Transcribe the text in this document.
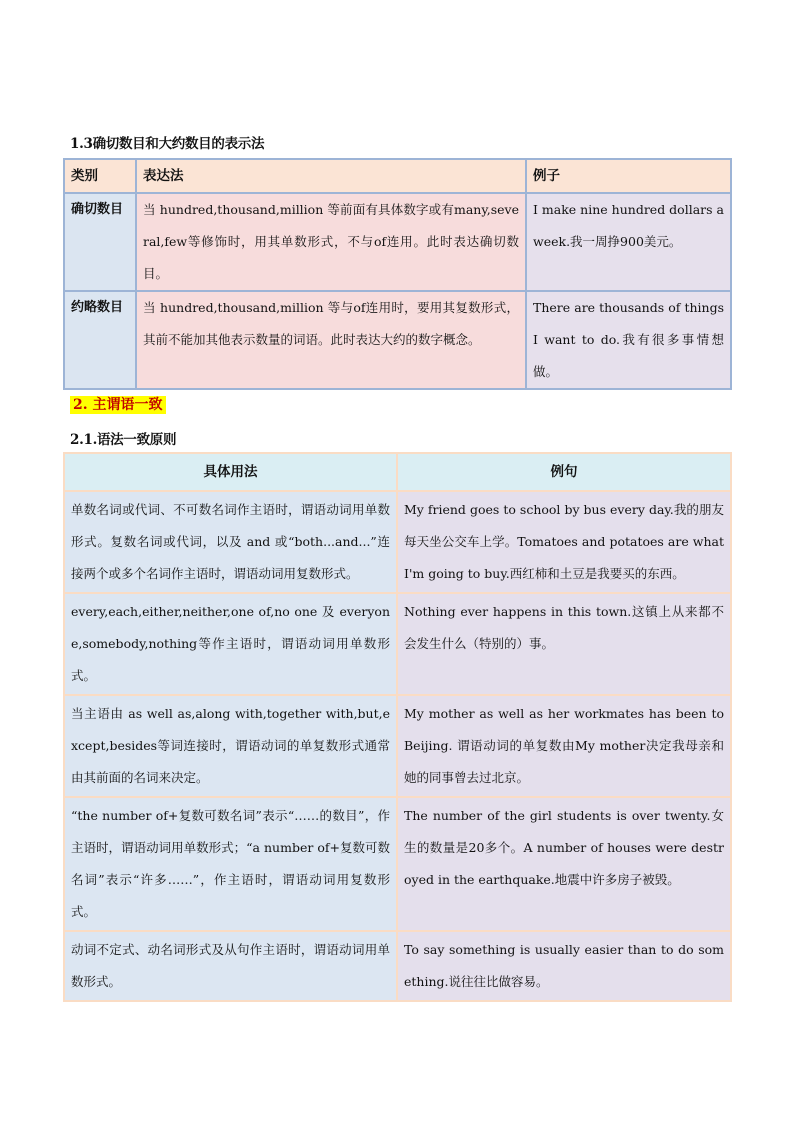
1.3确切数目和大约数目的表示法
类别	表达法	例子
确切数目	当 hundred,thousand,million 等前面有具体数字或有many,several,few等修饰时，用其单数形式，不与of连用。此时表达确切数目。	I make nine hundred dollars a week.我一周挣900美元。
约略数目	当 hundred,thousand,million 等与of连用时，要用其复数形式，其前不能加其他表示数量的词语。此时表达大约的数字概念。	There are thousands of things I want to do.我有很多事情想做。
2. 主谓语一致
2.1.语法一致原则
具体用法	例句
单数名词或代词、不可数名词作主语时，谓语动词用单数形式。复数名词或代词，以及 and 或“both...and...”连接两个或多个名词作主语时，谓语动词用复数形式。	My friend goes to school by bus every day.我的朋友每天坐公交车上学。Tomatoes and potatoes are what I'm going to buy.西红柿和土豆是我要买的东西。
every,each,either,neither,one of,no one 及 everyone,somebody,nothing等作主语时，谓语动词用单数形式。	Nothing ever happens in this town.这镇上从来都不会发生什么（特别的）事。
当主语由 as well as,along with,together with,but,except,besides等词连接时，谓语动词的单复数形式通常由其前面的名词来决定。	My mother as well as her workmates has been to Beijing. 谓语动词的单复数由My mother决定我母亲和她的同事曾去过北京。
“the number of+复数可数名词”表示“……的数目”，作主语时，谓语动词用单数形式；“a number of+复数可数名词”表示“许多……”，作主语时，谓语动词用复数形式。	The number of the girl students is over twenty.女生的数量是20多个。A number of houses were destroyed in the earthquake.地震中许多房子被毁。
动词不定式、动名词形式及从句作主语时，谓语动词用单数形式。	To say something is usually easier than to do something.说往往比做容易。
